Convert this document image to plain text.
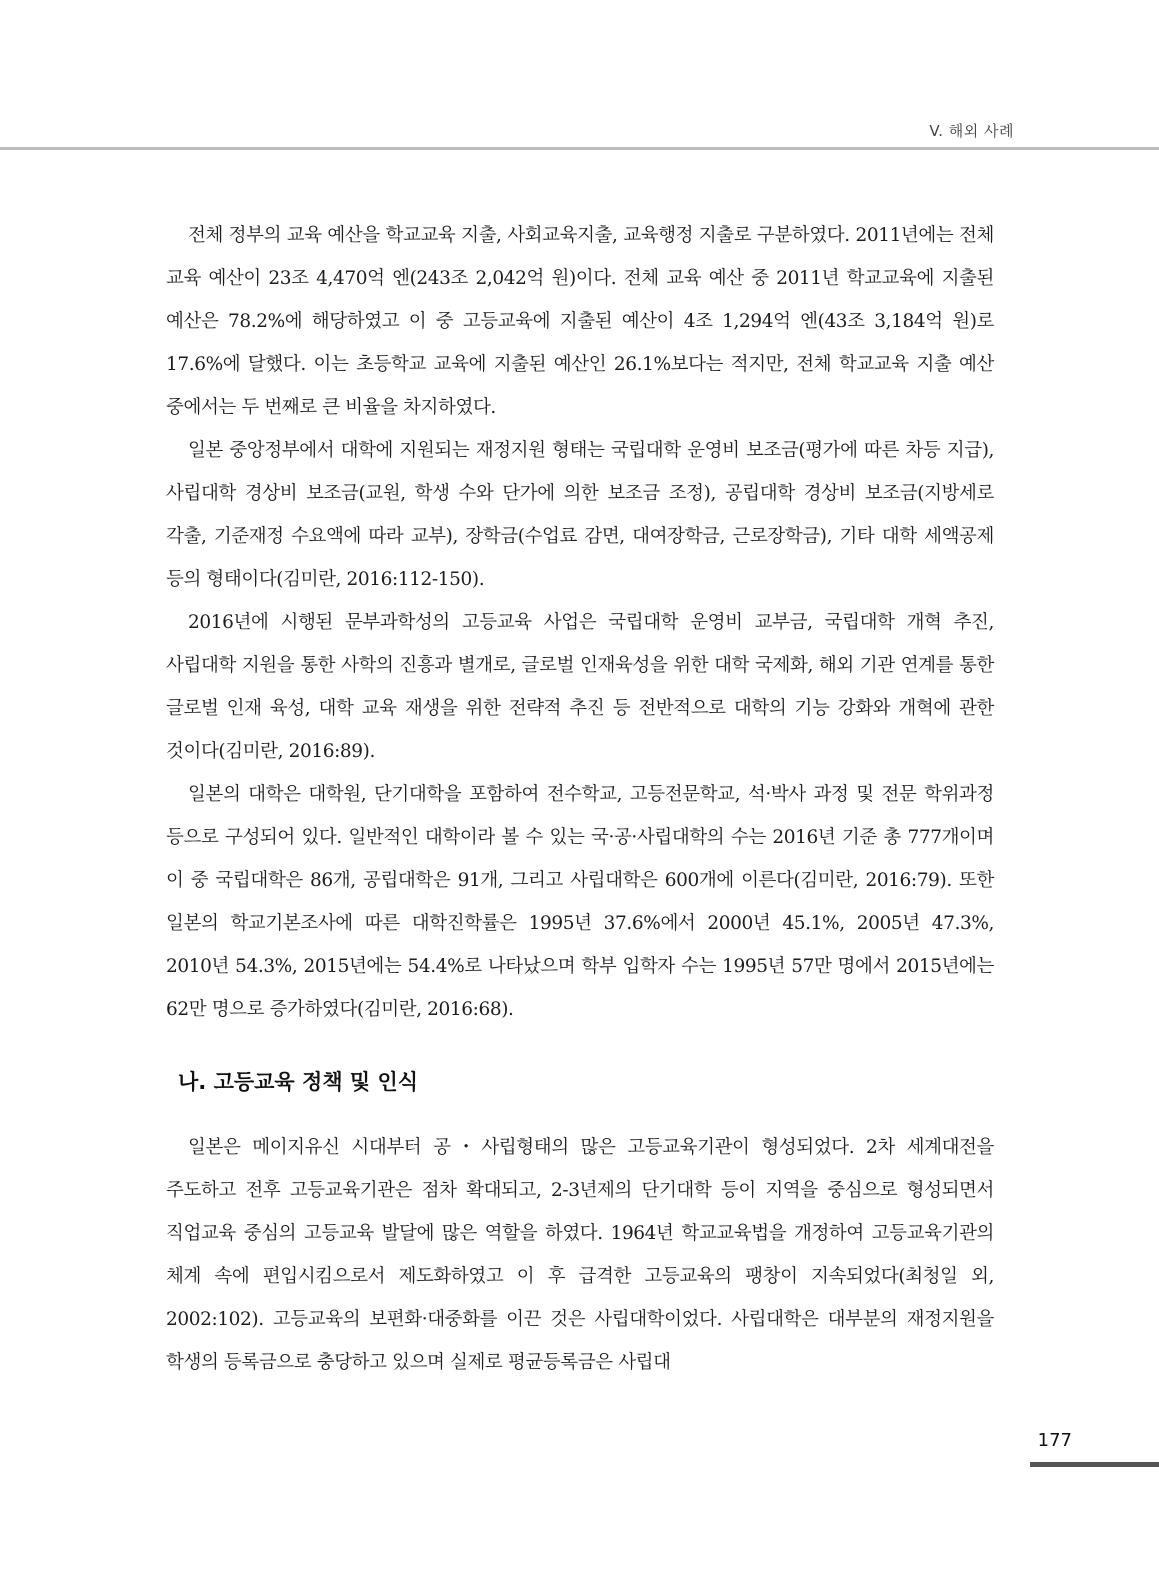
V. 해외 사례

전체 정부의 교육 예산을 학교교육 지출, 사회교육지출, 교육행정 지출로 구분하였다. 2011년에는 전체 교육 예산이 23조 4,470억 엔(243조 2,042억 원)이다. 전체 교육 예산 중 2011년 학교교육에 지출된 예산은 78.2%에 해당하였고 이 중 고등교육에 지출된 예산이 4조 1,294억 엔(43조 3,184억 원)로 17.6%에 달했다. 이는 초등학교 교육에 지출된 예산인 26.1%보다는 적지만, 전체 학교교육 지출 예산 중에서는 두 번째로 큰 비율을 차지하였다.

일본 중앙정부에서 대학에 지원되는 재정지원 형태는 국립대학 운영비 보조금(평가에 따른 차등 지급), 사립대학 경상비 보조금(교원, 학생 수와 단가에 의한 보조금 조정), 공립대학 경상비 보조금(지방세로 각출, 기준재정 수요액에 따라 교부), 장학금(수업료 감면, 대여장학금, 근로장학금), 기타 대학 세액공제 등의 형태이다(김미란, 2016:112-150).

2016년에 시행된 문부과학성의 고등교육 사업은 국립대학 운영비 교부금, 국립대학 개혁 추진, 사립대학 지원을 통한 사학의 진흥과 별개로, 글로벌 인재육성을 위한 대학 국제화, 해외 기관 연계를 통한 글로벌 인재 육성, 대학 교육 재생을 위한 전략적 추진 등 전반적으로 대학의 기능 강화와 개혁에 관한 것이다(김미란, 2016:89).

일본의 대학은 대학원, 단기대학을 포함하여 전수학교, 고등전문학교, 석·박사 과정 및 전문 학위과정 등으로 구성되어 있다. 일반적인 대학이라 볼 수 있는 국·공·사립대학의 수는 2016년 기준 총 777개이며 이 중 국립대학은 86개, 공립대학은 91개, 그리고 사립대학은 600개에 이른다(김미란, 2016:79). 또한 일본의 학교기본조사에 따른 대학진학률은 1995년 37.6%에서 2000년 45.1%, 2005년 47.3%, 2010년 54.3%, 2015년에는 54.4%로 나타났으며 학부 입학자 수는 1995년 57만 명에서 2015년에는 62만 명으로 증가하였다(김미란, 2016:68).

나. 고등교육 정책 및 인식

일본은 메이지유신 시대부터 공・사립형태의 많은 고등교육기관이 형성되었다. 2차 세계대전을 주도하고 전후 고등교육기관은 점차 확대되고, 2-3년제의 단기대학 등이 지역을 중심으로 형성되면서 직업교육 중심의 고등교육 발달에 많은 역할을 하였다. 1964년 학교교육법을 개정하여 고등교육기관의 체계 속에 편입시킴으로서 제도화하였고 이 후 급격한 고등교육의 팽창이 지속되었다(최청일 외, 2002:102). 고등교육의 보편화·대중화를 이끈 것은 사립대학이었다. 사립대학은 대부분의 재정지원을 학생의 등록금으로 충당하고 있으며 실제로 평균등록금은 사립대

177
